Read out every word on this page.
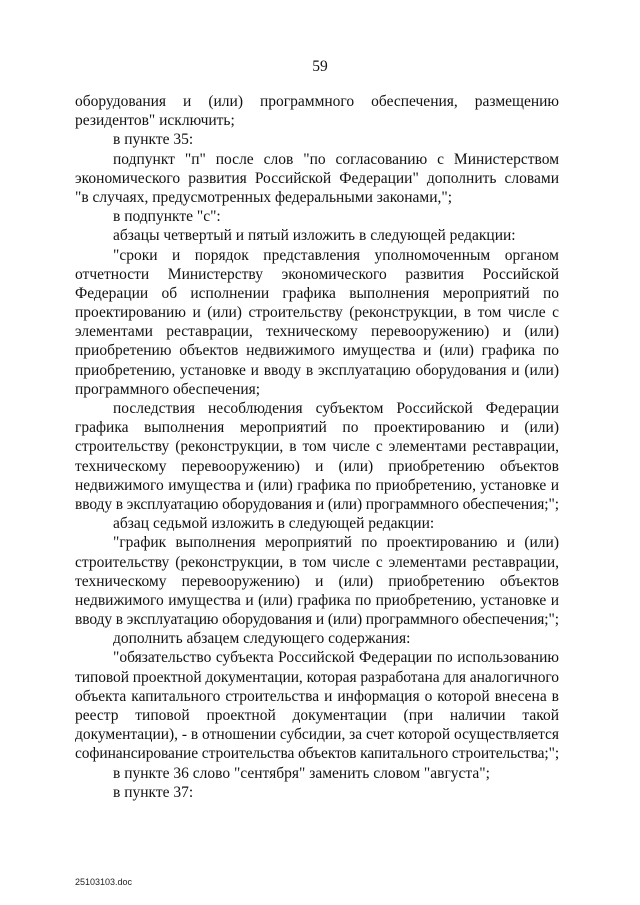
59
оборудования и (или) программного обеспечения, размещению
резидентов" исключить;
в пункте 35:
подпункт "п" после слов "по согласованию с Министерством
экономического развития Российской Федерации" дополнить словами
"в случаях, предусмотренных федеральными законами,";
в подпункте "с":
абзацы четвертый и пятый изложить в следующей редакции:
"сроки и порядок представления уполномоченным органом
отчетности Министерству экономического развития Российской
Федерации об исполнении графика выполнения мероприятий по
проектированию и (или) строительству (реконструкции, в том числе с
элементами реставрации, техническому перевооружению) и (или)
приобретению объектов недвижимого имущества и (или) графика по
приобретению, установке и вводу в эксплуатацию оборудования и (или)
программного обеспечения;
последствия несоблюдения субъектом Российской Федерации
графика выполнения мероприятий по проектированию и (или)
строительству (реконструкции, в том числе с элементами реставрации,
техническому перевооружению) и (или) приобретению объектов
недвижимого имущества и (или) графика по приобретению, установке и
вводу в эксплуатацию оборудования и (или) программного обеспечения;";
абзац седьмой изложить в следующей редакции:
"график выполнения мероприятий по проектированию и (или)
строительству (реконструкции, в том числе с элементами реставрации,
техническому перевооружению) и (или) приобретению объектов
недвижимого имущества и (или) графика по приобретению, установке и
вводу в эксплуатацию оборудования и (или) программного обеспечения;";
дополнить абзацем следующего содержания:
"обязательство субъекта Российской Федерации по использованию
типовой проектной документации, которая разработана для аналогичного
объекта капитального строительства и информация о которой внесена в
реестр типовой проектной документации (при наличии такой
документации), - в отношении субсидии, за счет которой осуществляется
софинансирование строительства объектов капитального строительства;";
в пункте 36 слово "сентября" заменить словом "августа";
в пункте 37:
25103103.doc
